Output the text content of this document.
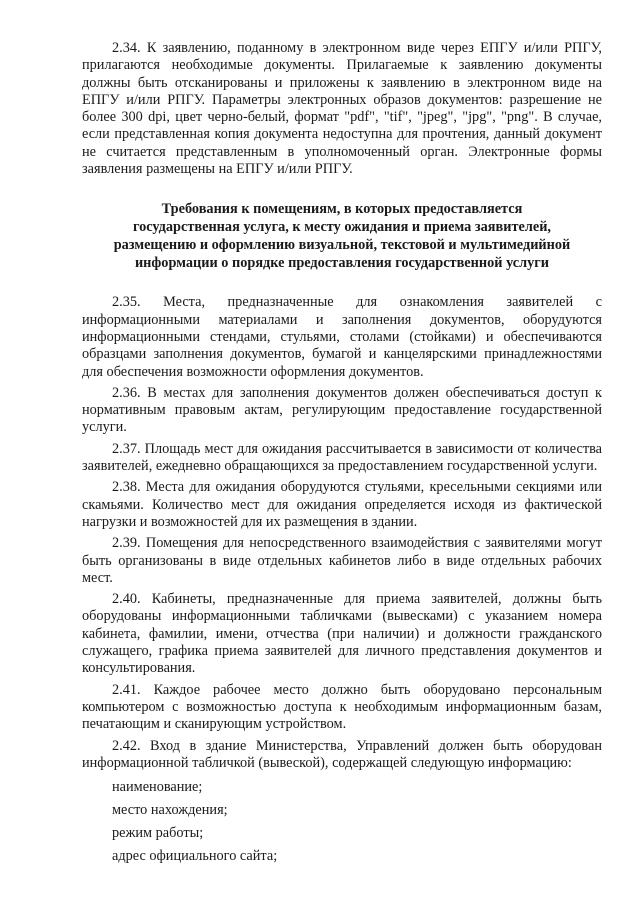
2.34. К заявлению, поданному в электронном виде через ЕПГУ и/или РПГУ, прилагаются необходимые документы. Прилагаемые к заявлению документы должны быть отсканированы и приложены к заявлению в электронном виде на ЕПГУ и/или РПГУ. Параметры электронных образов документов: разрешение не более 300 dpi, цвет черно-белый, формат "pdf", "tif", "jpeg", "jpg", "png". В случае, если представленная копия документа недоступна для прочтения, данный документ не считается представленным в уполномоченный орган. Электронные формы заявления размещены на ЕПГУ и/или РПГУ.

Требования к помещениям, в которых предоставляется
государственная услуга, к месту ожидания и приема заявителей,
размещению и оформлению визуальной, текстовой и мультимедийной
информации о порядке предоставления государственной услуги

2.35. Места, предназначенные для ознакомления заявителей с информационными материалами и заполнения документов, оборудуются информационными стендами, стульями, столами (стойками) и обеспечиваются образцами заполнения документов, бумагой и канцелярскими принадлежностями для обеспечения возможности оформления документов.

2.36. В местах для заполнения документов должен обеспечиваться доступ к нормативным правовым актам, регулирующим предоставление государственной услуги.

2.37. Площадь мест для ожидания рассчитывается в зависимости от количества заявителей, ежедневно обращающихся за предоставлением государственной услуги.

2.38. Места для ожидания оборудуются стульями, кресельными секциями или скамьями. Количество мест для ожидания определяется исходя из фактической нагрузки и возможностей для их размещения в здании.

2.39. Помещения для непосредственного взаимодействия с заявителями могут быть организованы в виде отдельных кабинетов либо в виде отдельных рабочих мест.

2.40. Кабинеты, предназначенные для приема заявителей, должны быть оборудованы информационными табличками (вывесками) с указанием номера кабинета, фамилии, имени, отчества (при наличии) и должности гражданского служащего, графика приема заявителей для личного представления документов и консультирования.

2.41. Каждое рабочее место должно быть оборудовано персональным компьютером с возможностью доступа к необходимым информационным базам, печатающим и сканирующим устройством.

2.42. Вход в здание Министерства, Управлений должен быть оборудован информационной табличкой (вывеской), содержащей следующую информацию:

наименование;

место нахождения;

режим работы;

адрес официального сайта;
